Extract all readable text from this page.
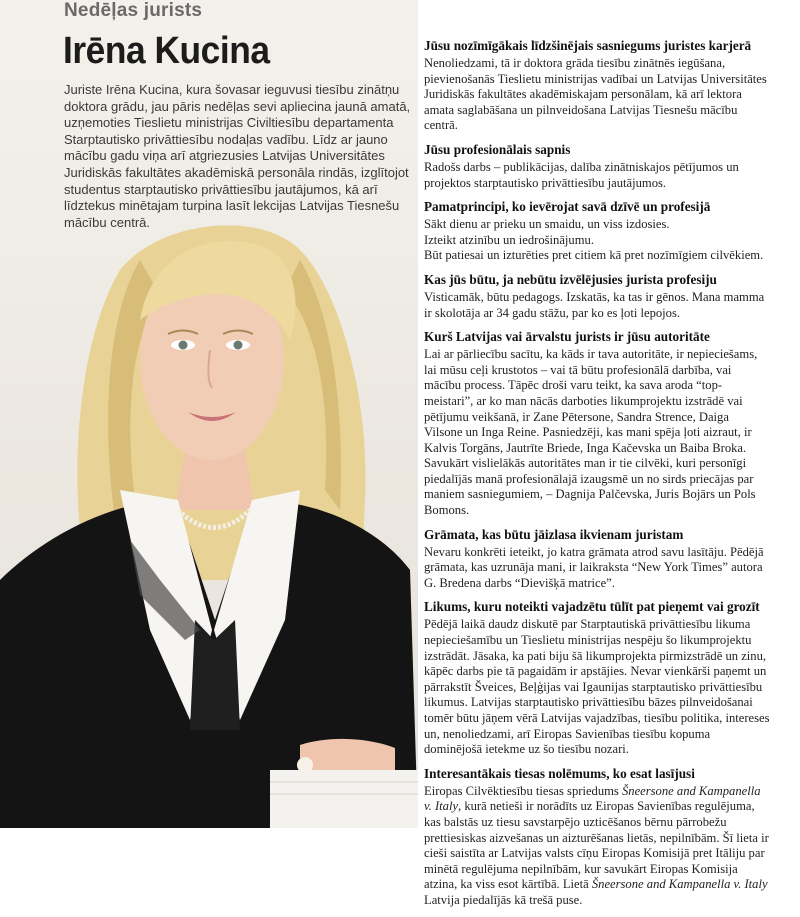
Nedēļas jurists
Irēna Kucina
Juriste Irēna Kucina, kura šovasar ieguvusi tiesību zinātņu doktora grādu, jau pāris nedēļas sevi apliecina jaunā amatā, uzņemoties Tieslietu ministrijas Civiltiesību departamenta Starptautisko privāttiesību nodaļas vadību. Līdz ar jauno mācību gadu viņa arī atgriezusies Latvijas Universitātes Juridiskās fakultātes akadēmiskā personāla rindās, izglītojot studentus starptautisko privāttiesību jautājumos, kā arī līdztekus minētajam turpina lasīt lekcijas Latvijas Tiesnešu mācību centrā.
Jūsu nozīmīgākais līdzšinējais sasniegums juristes karjerā

Nenoliedzami, tā ir doktora grāda tiesību zinātnēs iegūšana, pievienošanās Tieslietu ministrijas vadībai un Latvijas Universitātes Juridiskās fakultātes akadēmiskajam personālam, kā arī lektora amata saglabāšana un pilnveidošana Latvijas Tiesnešu mācību centrā.

Jūsu profesionālais sapnis

Radošs darbs – publikācijas, dalība zinātniskajos pētījumos un projektos starptautisko privāttiesību jautājumos.

Pamatprincipi, ko ievērojat savā dzīvē un profesijā

Sākt dienu ar prieku un smaidu, un viss izdosies.

Izteikt atzinību un iedrošinājumu.

Būt patiesai un izturēties pret citiem kā pret nozīmīgiem cilvēkiem.

Kas jūs būtu, ja nebūtu izvēlējusies jurista profesiju

Visticamāk, būtu pedagogs. Izskatās, ka tas ir gēnos. Mana mamma ir skolotāja ar 34 gadu stāžu, par ko es ļoti lepojos.

Kurš Latvijas vai ārvalstu jurists ir jūsu autoritāte

Lai ar pārliecību sacītu, ka kāds ir tava autoritāte, ir nepieciešams, lai mūsu ceļi krustotos – vai tā būtu profesionālā darbība, vai mācību process. Tāpēc droši varu teikt, ka sava aroda “top-meistari”, ar ko man nācās darboties likumprojektu izstrādē vai pētījumu veikšanā, ir Zane Pētersone, Sandra Strence, Daiga Vilsone un Inga Reine. Pasniedzēji, kas mani spēja ļoti aizraut, ir Kalvis Torgāns, Jautrīte Briede, Inga Kačevska un Baiba Broka. Savukārt vislielākās autoritātes man ir tie cilvēki, kuri personīgi piedalījās manā profesionālajā izaugsmē un no sirds priecājas par maniem sasniegumiem, – Dagnija Palčevska, Juris Bojārs un Pols Bomons.

Grāmata, kas būtu jāizlasa ikvienam juristam

Nevaru konkrēti ieteikt, jo katra grāmata atrod savu lasītāju. Pēdējā grāmata, kas uzrunāja mani, ir laikraksta “New York Times” autora G. Bredena darbs “Dievišķā matrice”.

Likums, kuru noteikti vajadzētu tūlīt pat pieņemt vai grozīt

Pēdējā laikā daudz diskutē par Starptautiskā privāttiesību likuma nepieciešamību un Tieslietu ministrijas nespēju šo likumprojektu izstrādāt. Jāsaka, ka pati biju šā likumprojekta pirmizstrādē un zinu, kāpēc darbs pie tā pagaidām ir apstājies. Nevar vienkārši paņemt un pārrakstīt Šveices, Beļģijas vai Igaunijas starptautisko privāttiesību likumus. Latvijas starptautisko privāttiesību bāzes pilnveidošanai tomēr būtu jāņem vērā Latvijas vajadzības, tiesību politika, intereses un, nenoliedzami, arī Eiropas Savienības tiesību kopuma dominējošā ietekme uz šo tiesību nozari.

Interesantākais tiesas nolēmums, ko esat lasījusi

Eiropas Cilvēktiesību tiesas spriedums Šneersone and Kampanella v. Italy, kurā netieši ir norādīts uz Eiropas Savienības regulējuma, kas balstās uz tiesu savstarpējo uzticēšanos bērnu pārrobežu prettiesiskas aizvešanas un aizturēšanas lietās, nepilnībām. Šī lieta ir cieši saistīta ar Latvijas valsts cīņu Eiropas Komisijā pret Itāliju par minētā regulējuma nepilnībām, kur savukārt Eiropas Komisija atzina, ka viss esot kārtībā. Lietā Šneersone and Kampanella v. Italy Latvija piedalījās kā trešā puse.
